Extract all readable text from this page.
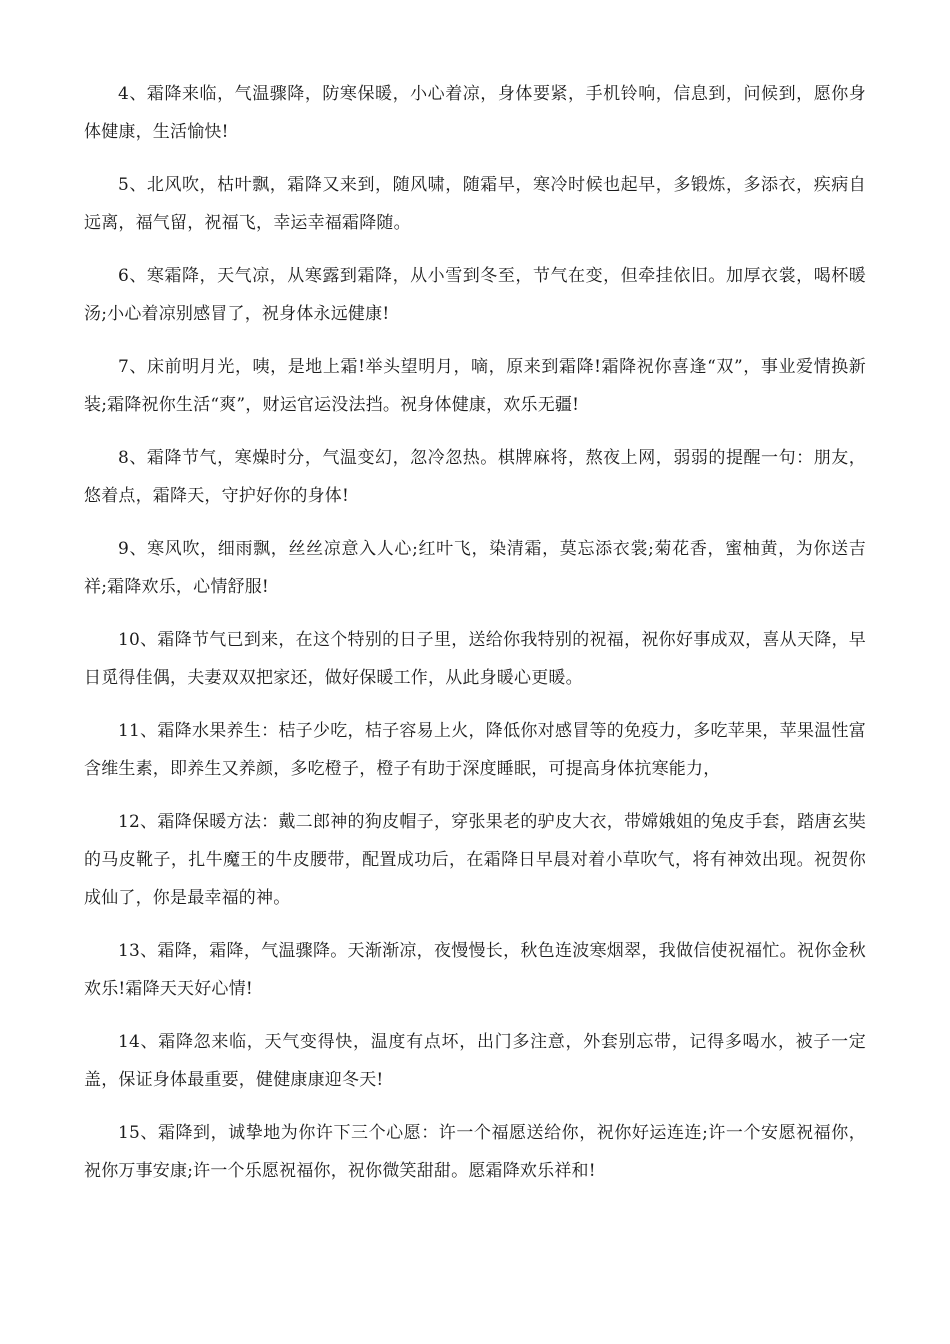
4、霜降来临，气温骤降，防寒保暖，小心着凉，身体要紧，手机铃响，信息到，问候到，愿你身体健康，生活愉快!

5、北风吹，枯叶飘，霜降又来到，随风啸，随霜早，寒冷时候也起早，多锻炼，多添衣，疾病自远离，福气留，祝福飞，幸运幸福霜降随。

6、寒霜降，天气凉，从寒露到霜降，从小雪到冬至，节气在变，但牵挂依旧。加厚衣裳，喝杯暖汤;小心着凉别感冒了，祝身体永远健康!

7、床前明月光，咦，是地上霜!举头望明月，嘀，原来到霜降!霜降祝你喜逢“双”，事业爱情换新装;霜降祝你生活“爽”，财运官运没法挡。祝身体健康，欢乐无疆!

8、霜降节气，寒燥时分，气温变幻，忽冷忽热。棋牌麻将，熬夜上网，弱弱的提醒一句：朋友，悠着点，霜降天，守护好你的身体!

9、寒风吹，细雨飘，丝丝凉意入人心;红叶飞，染清霜，莫忘添衣裳;菊花香，蜜柚黄，为你送吉祥;霜降欢乐，心情舒服!

10、霜降节气已到来，在这个特别的日子里，送给你我特别的祝福，祝你好事成双，喜从天降，早日觅得佳偶，夫妻双双把家还，做好保暖工作，从此身暖心更暖。

11、霜降水果养生：桔子少吃，桔子容易上火，降低你对感冒等的免疫力，多吃苹果，苹果温性富含维生素，即养生又养颜，多吃橙子，橙子有助于深度睡眠，可提高身体抗寒能力，

12、霜降保暖方法：戴二郎神的狗皮帽子，穿张果老的驴皮大衣，带嫦娥姐的兔皮手套，踏唐玄奘的马皮靴子，扎牛魔王的牛皮腰带，配置成功后，在霜降日早晨对着小草吹气，将有神效出现。祝贺你成仙了，你是最幸福的神。

13、霜降，霜降，气温骤降。天渐渐凉，夜慢慢长，秋色连波寒烟翠，我做信使祝福忙。祝你金秋欢乐!霜降天天好心情!

14、霜降忽来临，天气变得快，温度有点坏，出门多注意，外套别忘带，记得多喝水，被子一定盖，保证身体最重要，健健康康迎冬天!

15、霜降到，诚挚地为你许下三个心愿：许一个福愿送给你，祝你好运连连;许一个安愿祝福你，祝你万事安康;许一个乐愿祝福你，祝你微笑甜甜。愿霜降欢乐祥和!
